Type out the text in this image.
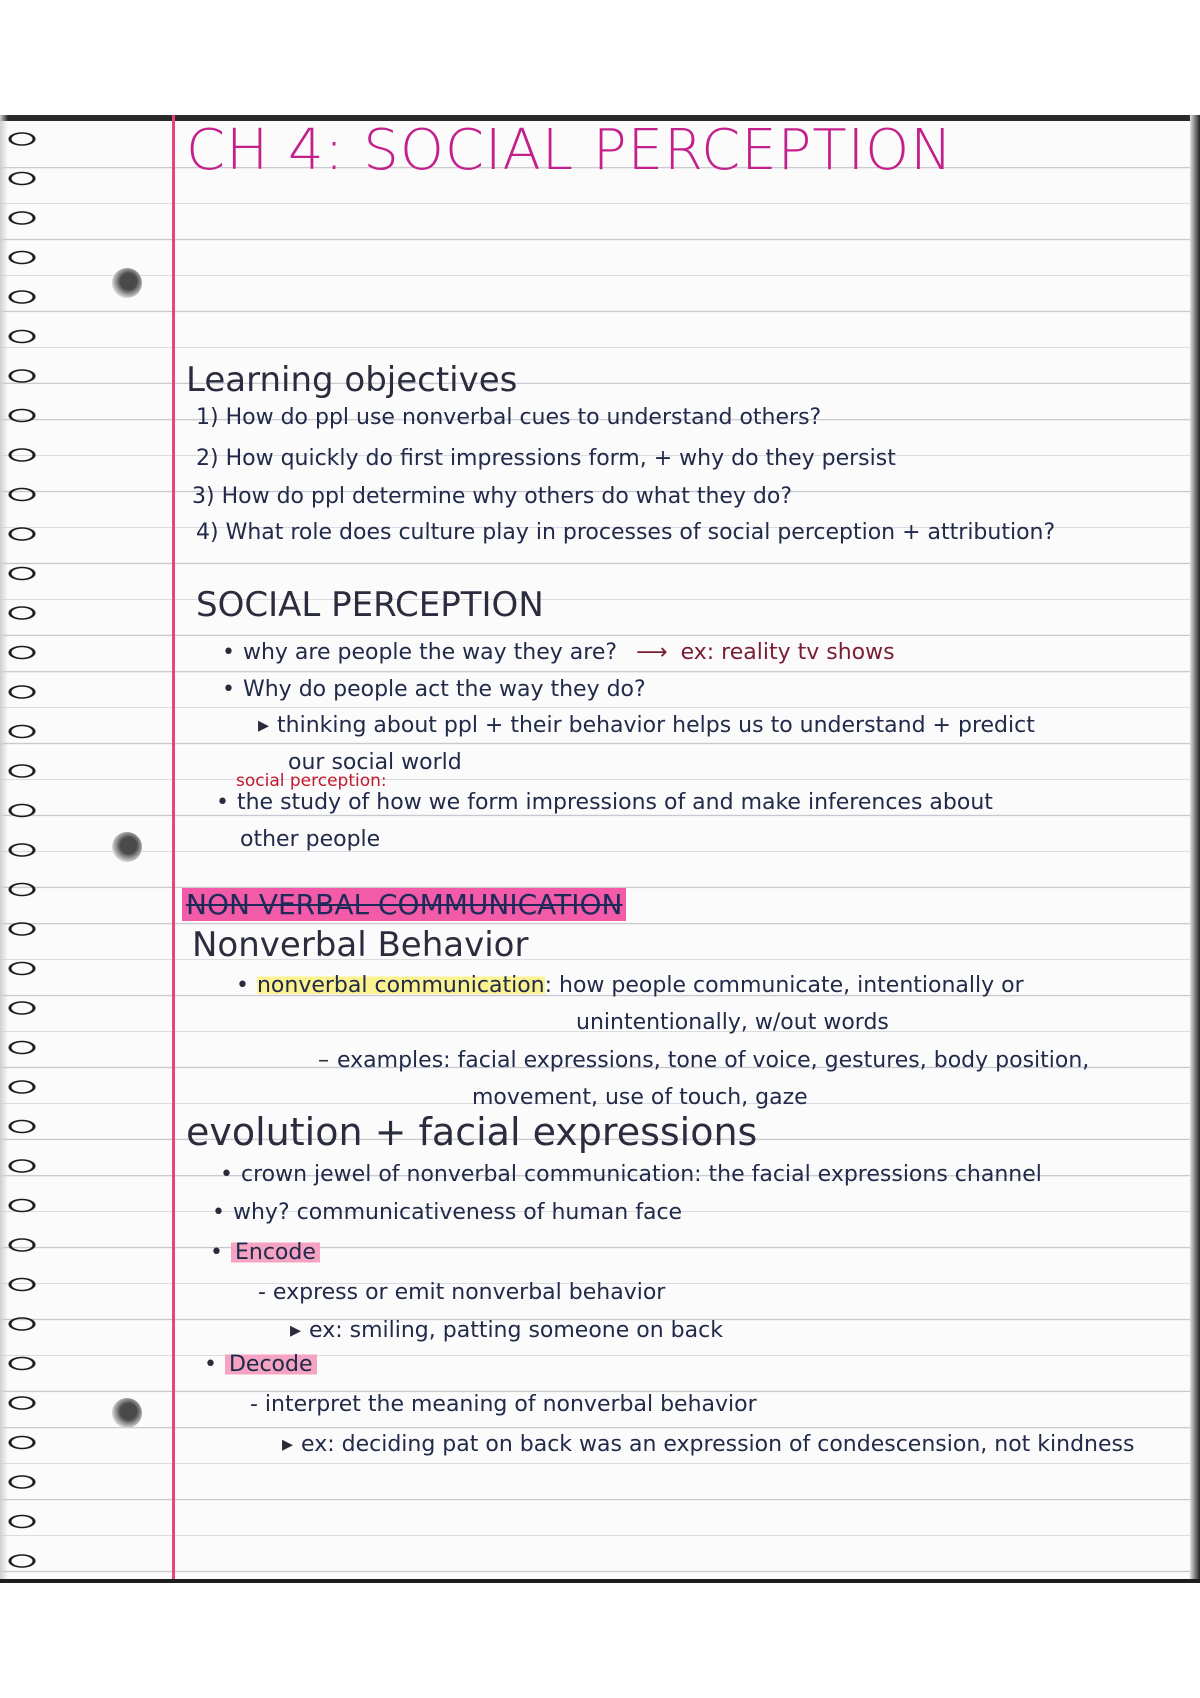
CH 4: SOCIAL PERCEPTION
Learning objectives
1) How do ppl use nonverbal cues to understand others?
2) How quickly do first impressions form, + why do they persist
3) How do ppl determine why others do what they do?
4) What role does culture play in processes of social perception + attribution?
SOCIAL PERCEPTION
• why are people the way they are? ⟶ ex: reality tv shows
• Why do people act the way they do?
▸ thinking about ppl + their behavior helps us to understand + predict
our social world
social perception:
• the study of how we form impressions of and make inferences about
other people
NON VERBAL COMMUNICATION
Nonverbal Behavior
• nonverbal communication: how people communicate, intentionally or
unintentionally, w/out words
– examples: facial expressions, tone of voice, gestures, body position,
movement, use of touch, gaze
evolution + facial expressions
• crown jewel of nonverbal communication: the facial expressions channel
• why? communicativeness of human face
• Encode
- express or emit nonverbal behavior
▸ ex: smiling, patting someone on back
• Decode
- interpret the meaning of nonverbal behavior
▸ ex: deciding pat on back was an expression of condescension, not kindness
